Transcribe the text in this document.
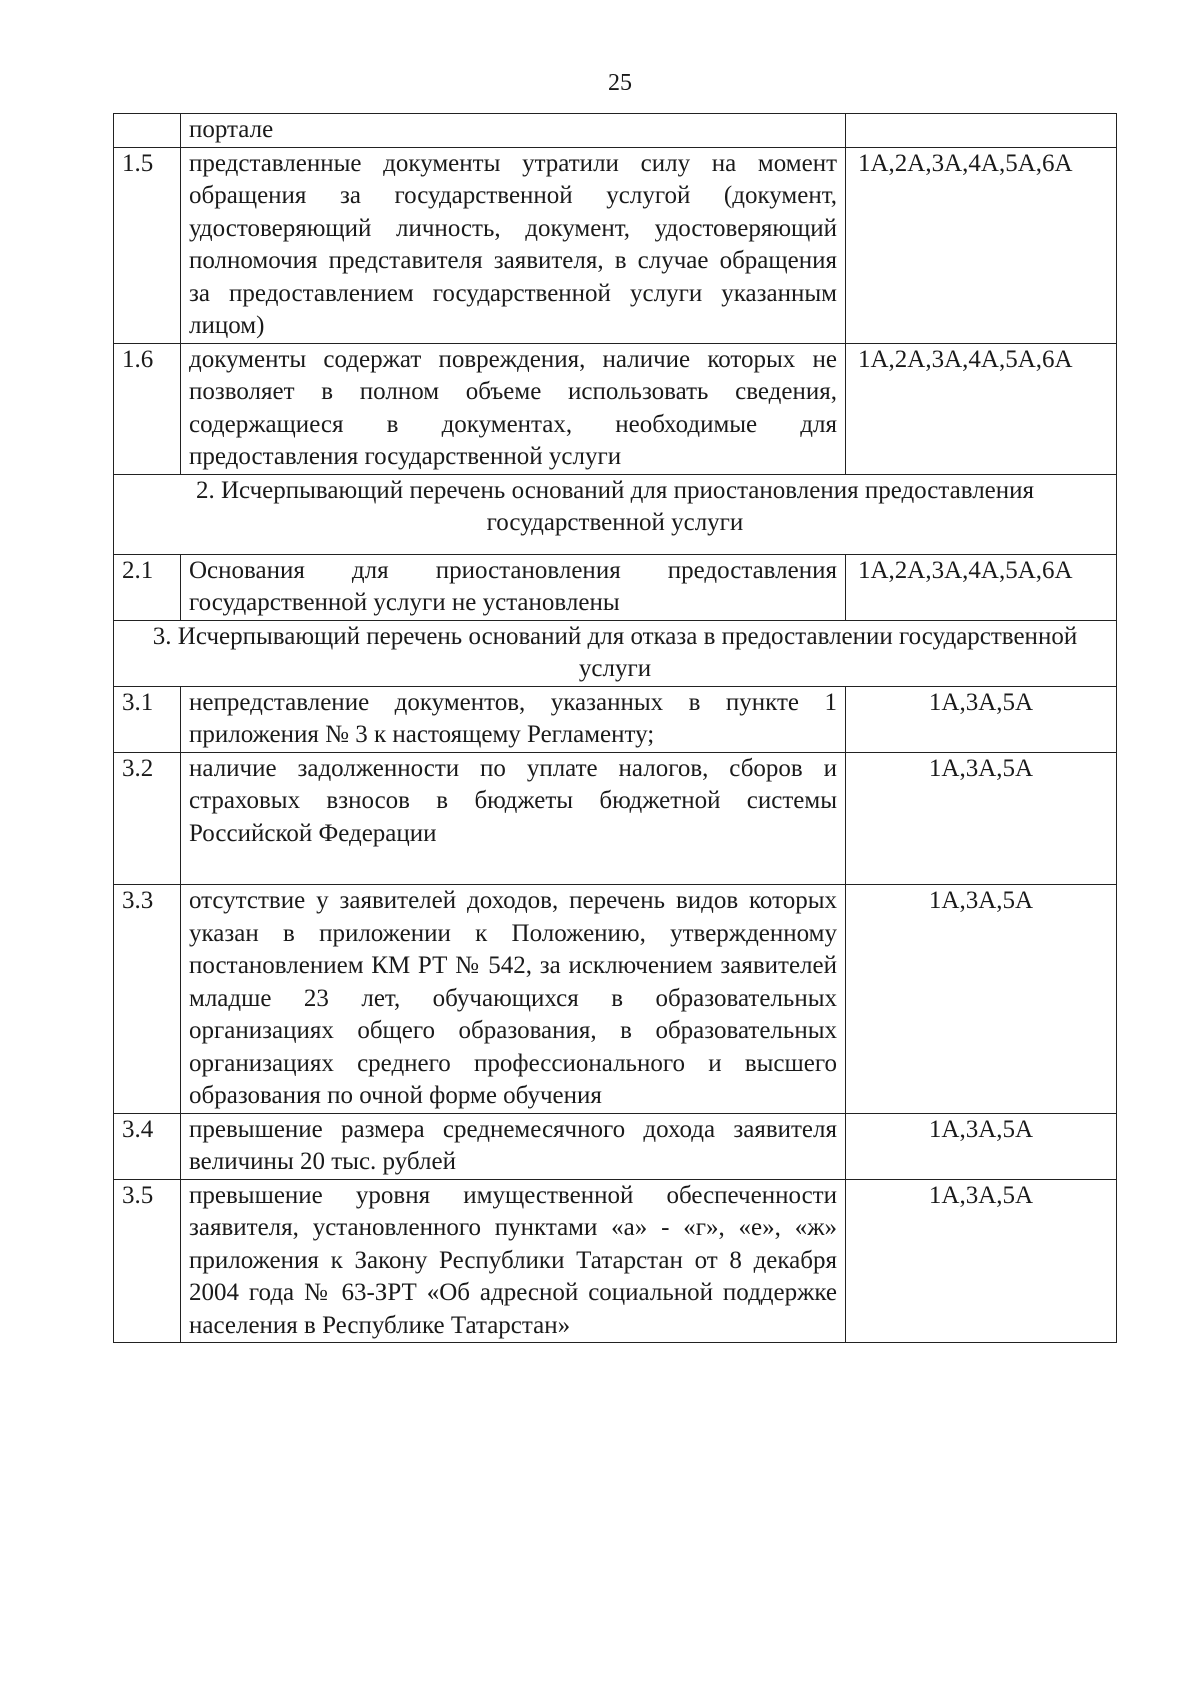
25
	портале	
1.5	представленные документы утратили силу на момент обращения за государственной услугой (документ, удостоверяющий личность, документ, удостоверяющий полномочия представителя заявителя, в случае обращения за предоставлением государственной услуги указанным лицом)	1А,2А,3А,4А,5А,6А
1.6	документы содержат повреждения, наличие которых не позволяет в полном объеме использовать сведения, содержащиеся в документах, необходимые для предоставления государственной услуги	1А,2А,3А,4А,5А,6А
2. Исчерпывающий перечень оснований для приостановления предоставления государственной услуги		
2.1	Основания для приостановления предоставления государственной услуги не установлены	1А,2А,3А,4А,5А,6А
3. Исчерпывающий перечень оснований для отказа в предоставлении государственной услуги		
3.1	непредставление документов, указанных в пункте 1 приложения № 3 к настоящему Регламенту;	1А,3А,5А
3.2	наличие задолженности по уплате налогов, сборов и страховых взносов в бюджеты бюджетной системы Российской Федерации	1А,3А,5А
3.3	отсутствие у заявителей доходов, перечень видов которых указан в приложении к Положению, утвержденному постановлением КМ РТ № 542, за исключением заявителей младше 23 лет, обучающихся в образовательных организациях общего образования, в образовательных организациях среднего профессионального и высшего образования по очной форме обучения	1А,3А,5А
3.4	превышение размера среднемесячного дохода заявителя величины 20 тыс. рублей	1А,3А,5А
3.5	превышение уровня имущественной обеспеченности заявителя, установленного пунктами «а» - «г», «е», «ж» приложения к Закону Республики Татарстан от 8 декабря 2004 года № 63-ЗРТ «Об адресной социальной поддержке населения в Республике Татарстан»	1А,3А,5А
